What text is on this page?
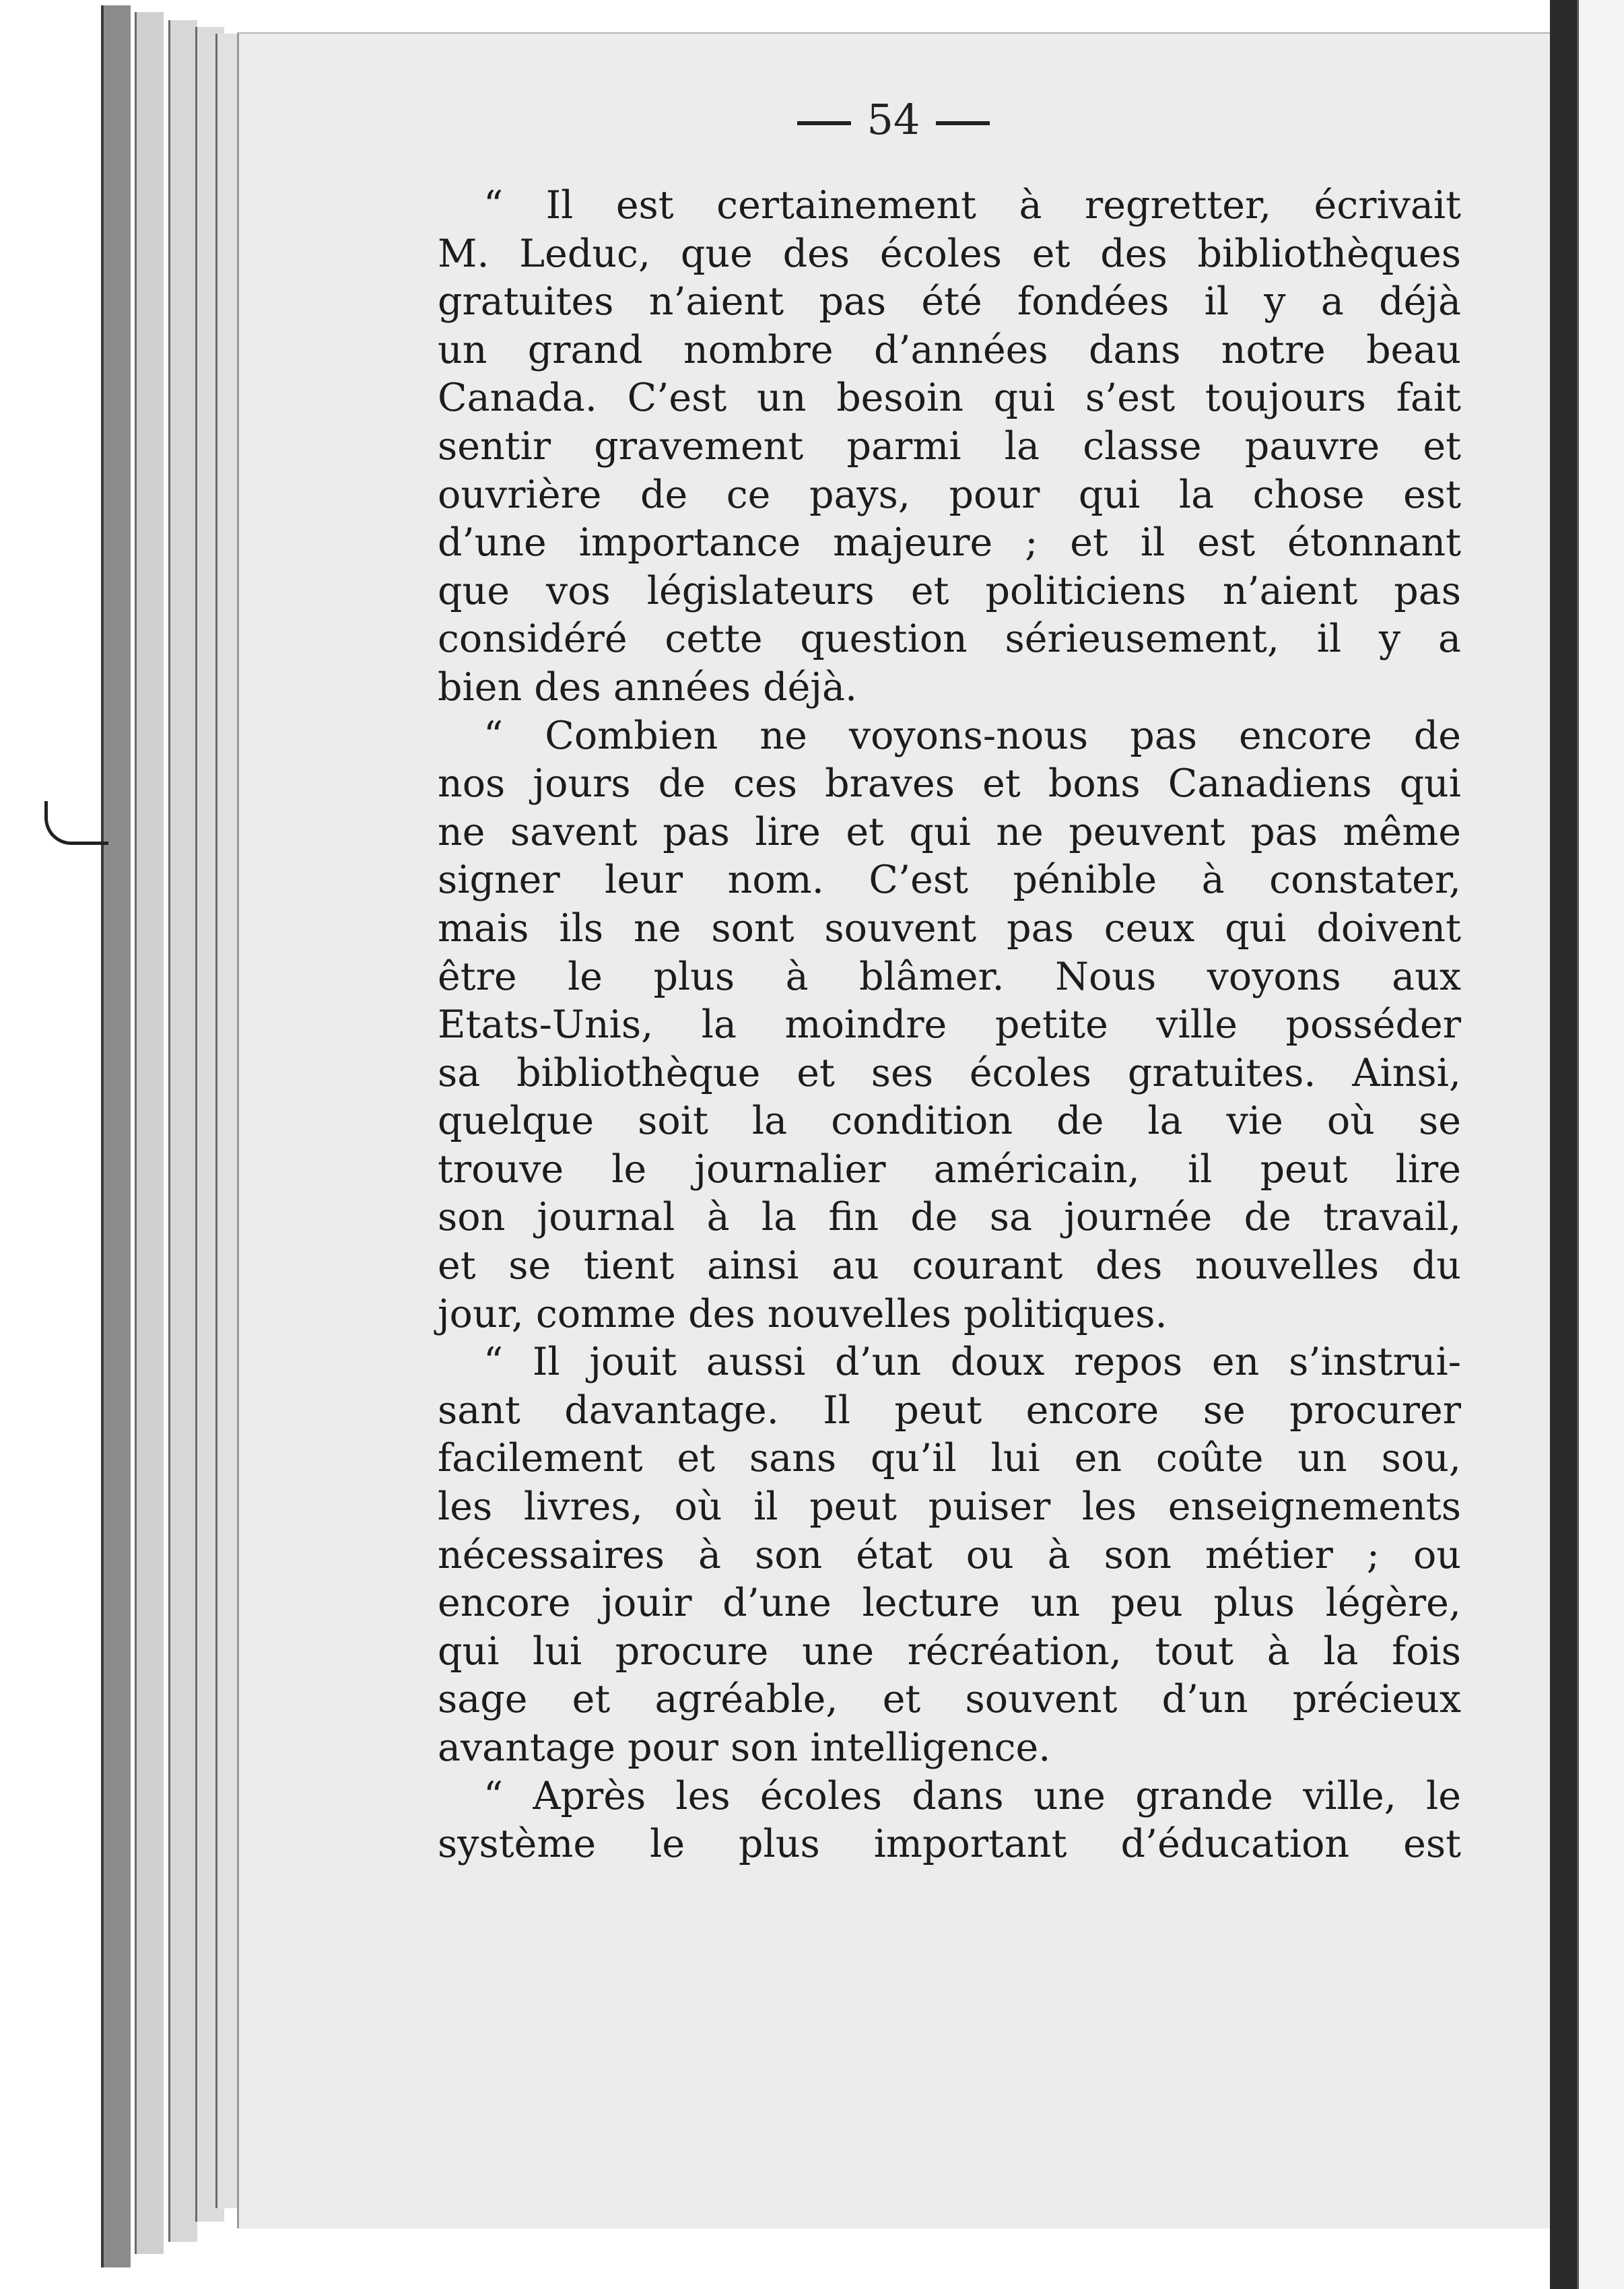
54
“ Il est certainement à regretter, écrivait
M. Leduc, que des écoles et des bibliothèques
gratuites n’aient pas été fondées il y a déjà
un grand nombre d’années dans notre beau
Canada. C’est un besoin qui s’est toujours fait
sentir gravement parmi la classe pauvre et
ouvrière de ce pays, pour qui la chose est
d’une importance majeure ; et il est étonnant
que vos législateurs et politiciens n’aient pas
considéré cette question sérieusement, il y a
bien des années déjà.
“ Combien ne voyons-nous pas encore de
nos jours de ces braves et bons Canadiens qui
ne savent pas lire et qui ne peuvent pas même
signer leur nom. C’est pénible à constater,
mais ils ne sont souvent pas ceux qui doivent
être le plus à blâmer. Nous voyons aux
Etats-Unis, la moindre petite ville posséder
sa bibliothèque et ses écoles gratuites. Ainsi,
quelque soit la condition de la vie où se
trouve le journalier américain, il peut lire
son journal à la fin de sa journée de travail,
et se tient ainsi au courant des nouvelles du
jour, comme des nouvelles politiques.
“ Il jouit aussi d’un doux repos en s’instrui-
sant davantage. Il peut encore se procurer
facilement et sans qu’il lui en coûte un sou,
les livres, où il peut puiser les enseignements
nécessaires à son état ou à son métier ; ou
encore jouir d’une lecture un peu plus légère,
qui lui procure une récréation, tout à la fois
sage et agréable, et souvent d’un précieux
avantage pour son intelligence.
“ Après les écoles dans une grande ville, le
système le plus important d’éducation est
